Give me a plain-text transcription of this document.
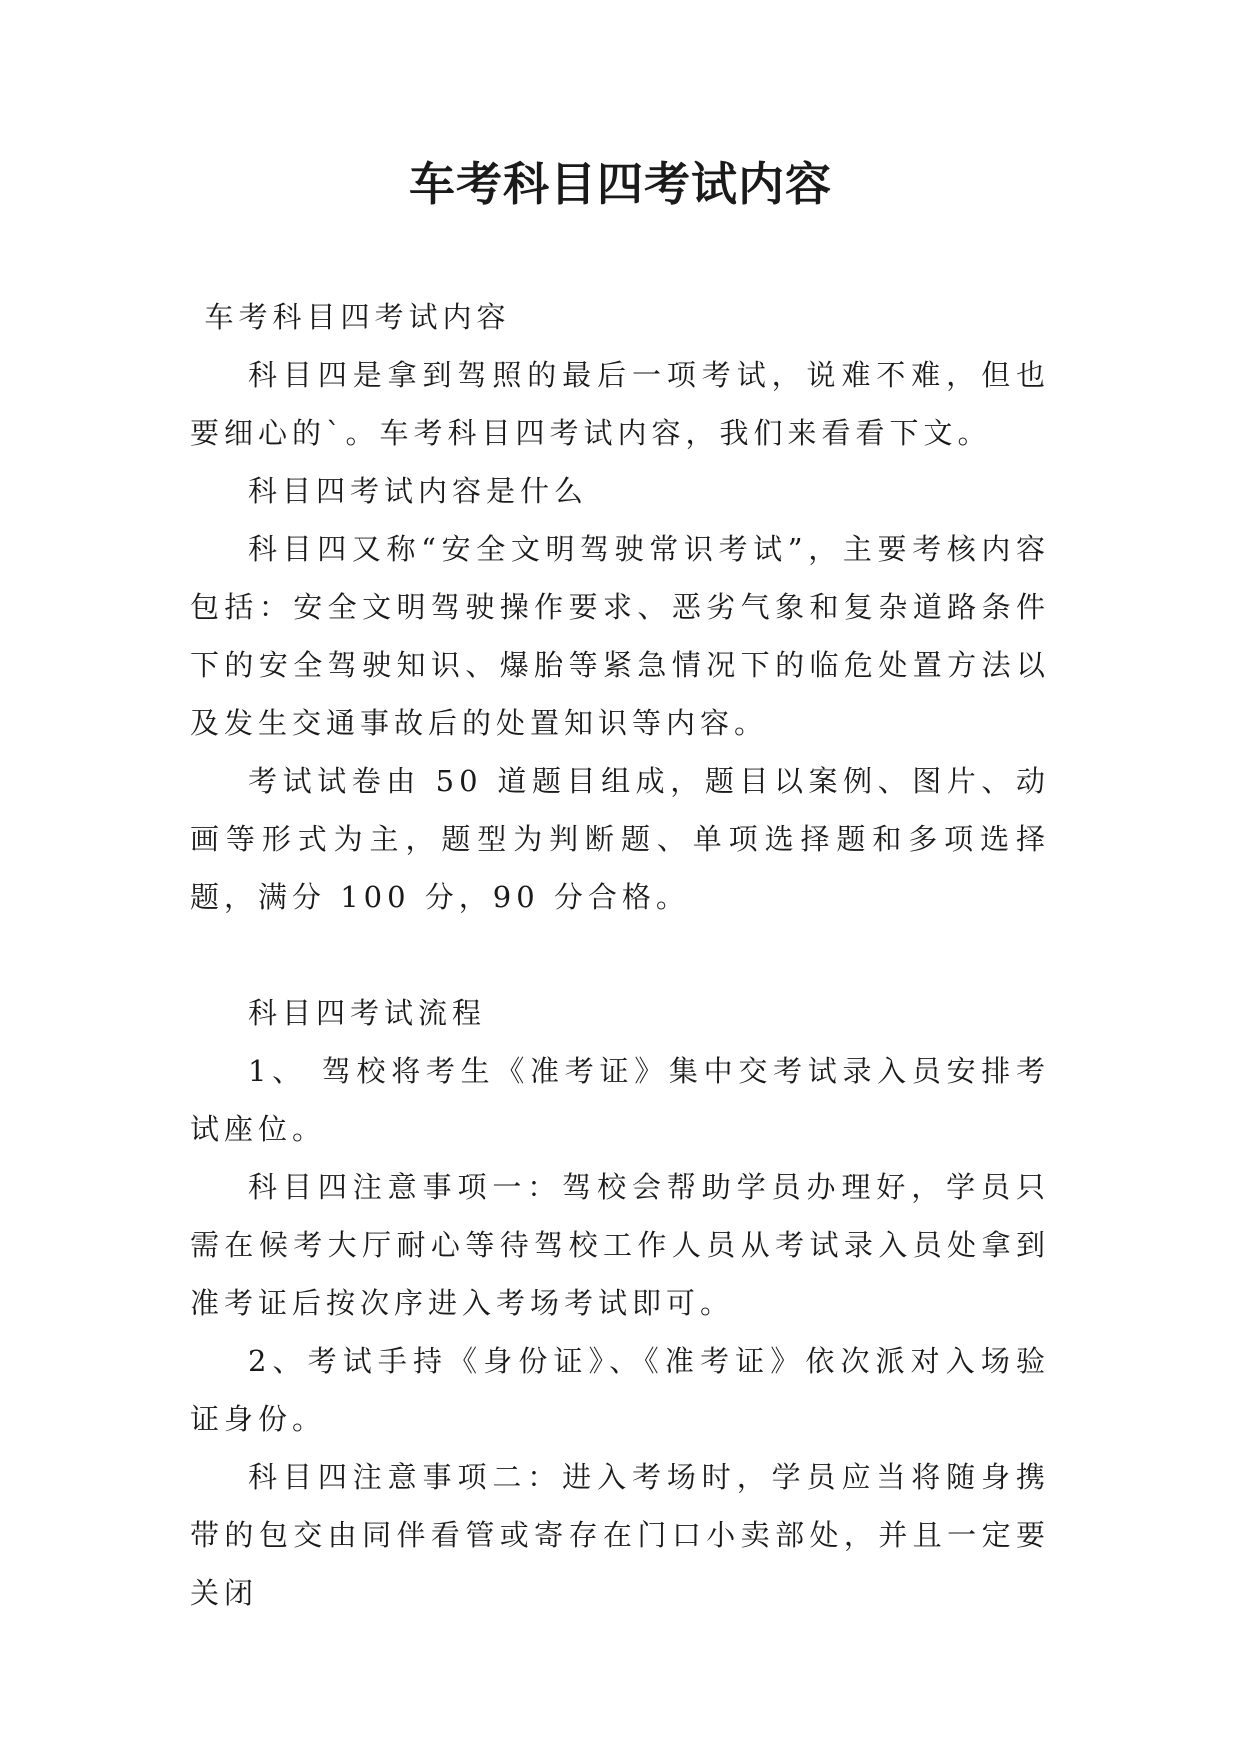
车考科目四考试内容

车考科目四考试内容

科目四是拿到驾照的最后一项考试，说难不难，但也要细心的`。车考科目四考试内容，我们来看看下文。

科目四考试内容是什么

科目四又称“安全文明驾驶常识考试”，主要考核内容包括：安全文明驾驶操作要求、恶劣气象和复杂道路条件下的安全驾驶知识、爆胎等紧急情况下的临危处置方法以及发生交通事故后的处置知识等内容。

考试试卷由 50 道题目组成，题目以案例、图片、动画等形式为主，题型为判断题、单项选择题和多项选择题，满分 100 分，90 分合格。

科目四考试流程

1、 驾校将考生《准考证》集中交考试录入员安排考试座位。

科目四注意事项一：驾校会帮助学员办理好，学员只需在候考大厅耐心等待驾校工作人员从考试录入员处拿到准考证后按次序进入考场考试即可。

2、考试手持《身份证》、《准考证》依次派对入场验证身份。

科目四注意事项二：进入考场时，学员应当将随身携带的包交由同伴看管或寄存在门口小卖部处，并且一定要关闭
